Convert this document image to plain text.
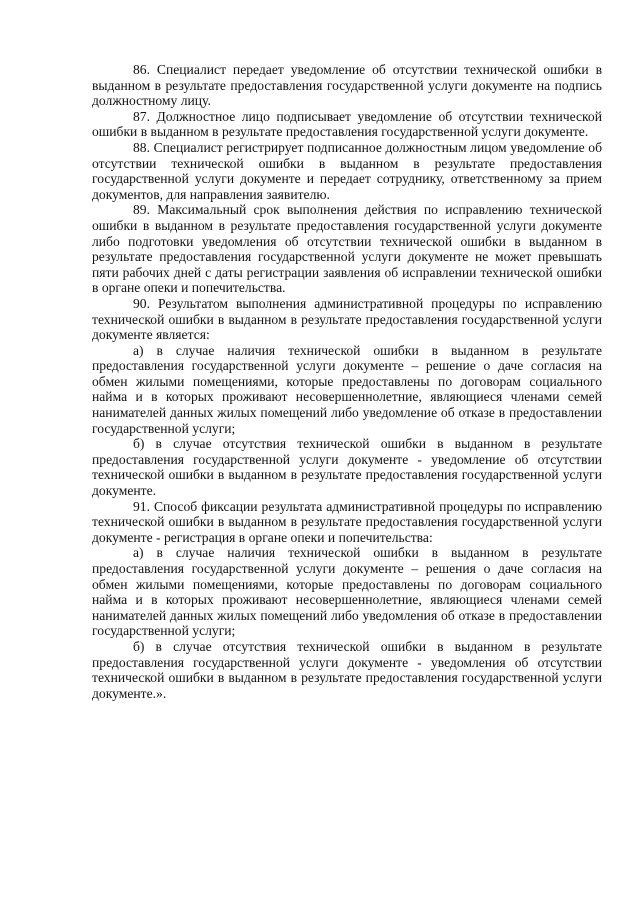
86. Специалист передает уведомление об отсутствии технической ошибки в выданном в результате предоставления государственной услуги документе на подпись должностному лицу.

87. Должностное лицо подписывает уведомление об отсутствии технической ошибки в выданном в результате предоставления государственной услуги документе.

88. Специалист регистрирует подписанное должностным лицом уведомление об отсутствии технической ошибки в выданном в результате предоставления государственной услуги документе и передает сотруднику, ответственному за прием документов, для направления заявителю.

89. Максимальный срок выполнения действия по исправлению технической ошибки в выданном в результате предоставления государственной услуги документе либо подготовки уведомления об отсутствии технической ошибки в выданном в результате предоставления государственной услуги документе не может превышать пяти рабочих дней с даты регистрации заявления об исправлении технической ошибки в органе опеки и попечительства.

90. Результатом выполнения административной процедуры по исправлению технической ошибки в выданном в результате предоставления государственной услуги документе является:

а) в случае наличия технической ошибки в выданном в результате предоставления государственной услуги документе – решение о даче согласия на обмен жилыми помещениями, которые предоставлены по договорам социального найма и в которых проживают несовершеннолетние, являющиеся членами семей нанимателей данных жилых помещений либо уведомление об отказе в предоставлении государственной услуги;

б) в случае отсутствия технической ошибки в выданном в результате предоставления государственной услуги документе - уведомление об отсутствии технической ошибки в выданном в результате предоставления государственной услуги документе.

91. Способ фиксации результата административной процедуры по исправлению технической ошибки в выданном в результате предоставления государственной услуги документе - регистрация в органе опеки и попечительства:

а) в случае наличия технической ошибки в выданном в результате предоставления государственной услуги документе – решения о даче согласия на обмен жилыми помещениями, которые предоставлены по договорам социального найма и в которых проживают несовершеннолетние, являющиеся членами семей нанимателей данных жилых помещений либо уведомления об отказе в предоставлении государственной услуги;

б) в случае отсутствия технической ошибки в выданном в результате предоставления государственной услуги документе - уведомления об отсутствии технической ошибки в выданном в результате предоставления государственной услуги документе.».
